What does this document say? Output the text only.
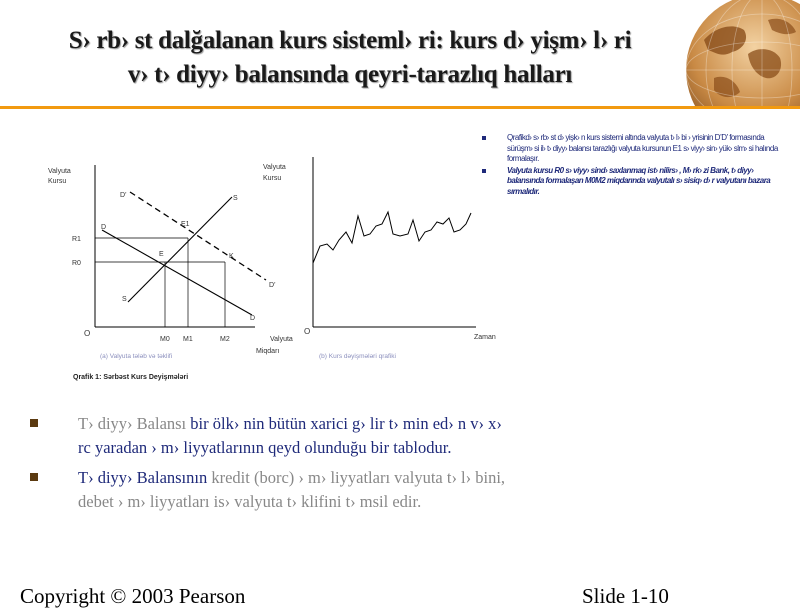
S› rb› st dalğalanan kurs sisteml› ri: kurs d› yişm› l› ri
v› t› diyy› balansında qeyri-tarazlıq halları
Valyuta
Kursu
O
Valyuta
Miqdarı
D’
D
S
E1
E	K
D’
S
D
R1
R0
M0 M1	M2
(a) Valyuta tələb və təklifi
Valyuta
Kursu
O
Zaman
(b) Kurs dəyişmələri qrafiki
Qrafik 1: Sərbəst Kurs Deyişmələri
Qrafikd› s› rb› st d› yişk› n kurs sistemi altında valyuta t› l› bi › yrisinin D’D’ formasında sürüşm› si il› t› diyy› balansı tarazlığı valyuta kursunun E1 s› viyy› sin› yük› slm› si halında formalaşır.
Valyuta kursu R0 s› viyy› sind› saxlanmaq ist› nilirs› , M› rk› zi Bank, t› diyy› balansında formalaşan M0M2 miqdarında valyutalı s› sisiq› d› r valyutanı bazara sırmalıdır.
T› diyy› Balansı bir ölk› nin bütün xarici g› lir t› min ed› n v› x› rc yaradan › m› liyyatlarının qeyd olunduğu bir tablodur.
T› diyy› Balansının kredit (borc) › m› liyyatları valyuta t› l› bini, debet › m› liyyatları is› valyuta t› klifini t› msil edir.
Copyright © 2003 Pearson	Slide 1-10
